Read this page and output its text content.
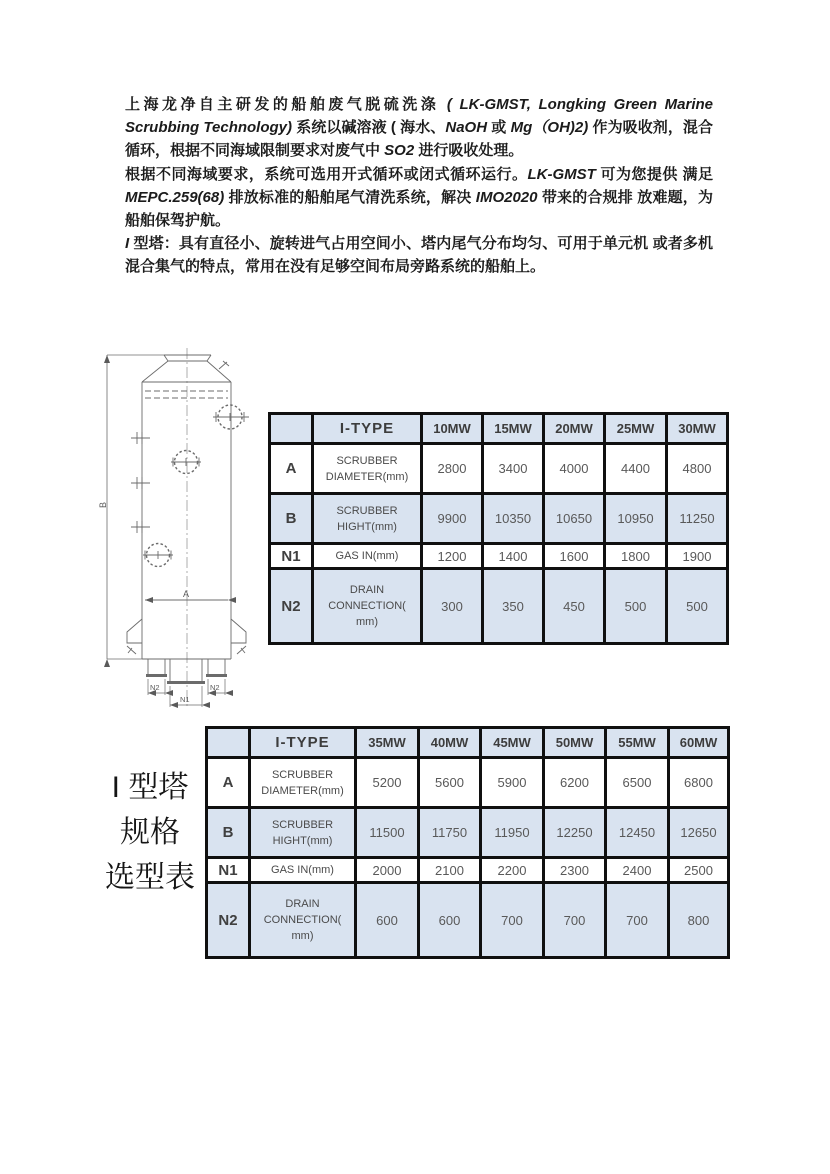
上海龙净自主研发的船舶废气脱硫洗涤 ( LK-GMST, Longking Green Marine Scrubbing Technology) 系统以碱溶液 ( 海水、NaOH 或 Mg（OH)2) 作为吸收剂，混合循环，根据不同海域限制要求对废气中 SO2 进行吸收处理。

根据不同海域要求，系统可选用开式循环或闭式循环运行。LK-GMST 可为您提供 满足 MEPC.259(68) 排放标准的船舶尾气清洗系统，解决 IMO2020 带来的合规排 放难题，为船舶保驾护航。

I 型塔：具有直径小、旋转进气占用空间小、塔内尾气分布均匀、可用于单元机 或者多机混合集气的特点，常用在没有足够空间布局旁路系统的船舶上。

A
B
N2
N1
N2
I 型塔
规格
选型表
	I-TYPE	10MW	15MW	20MW	25MW	30MW
A	SCRUBBER DIAMETER(mm)	2800	3400	4000	4400	4800
B	SCRUBBER HIGHT(mm)	9900	10350	10650	10950	11250
N1	GAS IN(mm)	1200	1400	1600	1800	1900
N2	DRAIN CONNECTION( mm)	300	350	450	500	500
	I-TYPE	35MW	40MW	45MW	50MW	55MW	60MW
A	SCRUBBER DIAMETER(mm)	5200	5600	5900	6200	6500	6800
B	SCRUBBER HIGHT(mm)	11500	11750	11950	12250	12450	12650
N1	GAS IN(mm)	2000	2100	2200	2300	2400	2500
N2	DRAIN CONNECTION( mm)	600	600	700	700	700	800
